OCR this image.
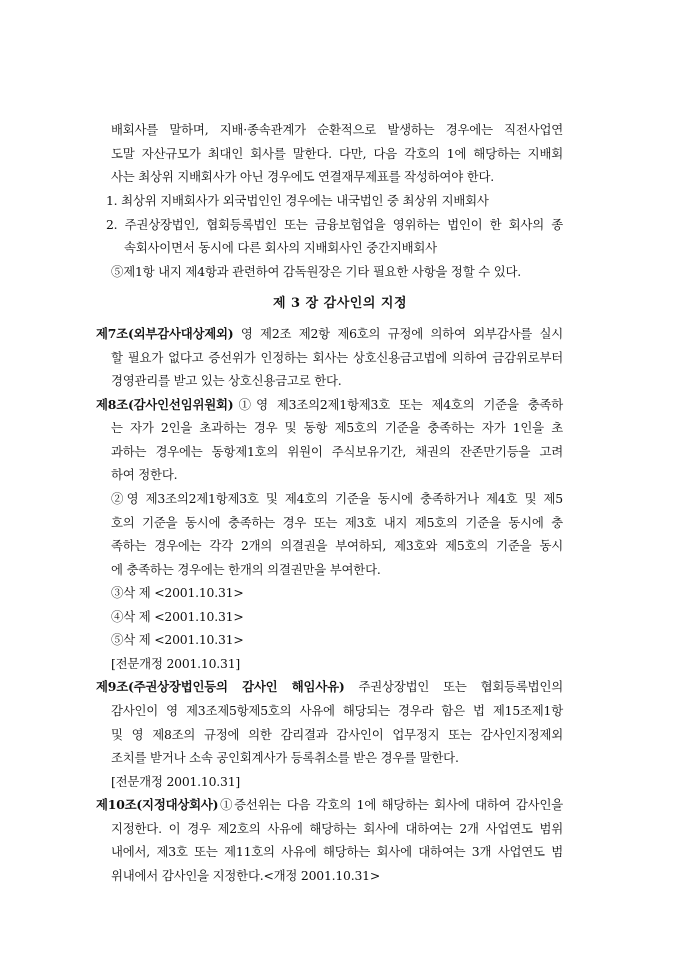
배회사를 말하며, 지배·종속관계가 순환적으로 발생하는 경우에는 직전사업연
도말 자산규모가 최대인 회사를 말한다. 다만, 다음 각호의 1에 해당하는 지배회
사는 최상위 지배회사가 아닌 경우에도 연결재무제표를 작성하여야 한다.
1. 최상위 지배회사가 외국법인인 경우에는 내국법인 중 최상위 지배회사
2. 주권상장법인, 협회등록법인 또는 금융보험업을 영위하는 법인이 한 회사의 종
속회사이면서 동시에 다른 회사의 지배회사인 중간지배회사
⑤제1항 내지 제4항과 관련하여 감독원장은 기타 필요한 사항을 정할 수 있다.
제 3 장 감사인의 지정
제7조(외부감사대상제외) 영 제2조 제2항 제6호의 규정에 의하여 외부감사를 실시
할 필요가 없다고 증선위가 인정하는 회사는 상호신용금고법에 의하여 금감위로부터
경영관리를 받고 있는 상호신용금고로 한다.
제8조(감사인선임위원회)①영 제3조의2제1항제3호 또는 제4호의 기준을 충족하
는 자가 2인을 초과하는 경우 및 동항 제5호의 기준을 충족하는 자가 1인을 초
과하는 경우에는 동항제1호의 위원이 주식보유기간, 채권의 잔존만기등을 고려
하여 정한다.
②영 제3조의2제1항제3호 및 제4호의 기준을 동시에 충족하거나 제4호 및 제5
호의 기준을 동시에 충족하는 경우 또는 제3호 내지 제5호의 기준을 동시에 충
족하는 경우에는 각각 2개의 의결권을 부여하되, 제3호와 제5호의 기준을 동시
에 충족하는 경우에는 한개의 의결권만을 부여한다.
③삭 제 <2001.10.31>
④삭 제 <2001.10.31>
⑤삭 제 <2001.10.31>
[전문개정 2001.10.31]
제9조(주권상장법인등의 감사인 해임사유) 주권상장법인 또는 협회등록법인의
감사인이 영 제3조제5항제5호의 사유에 해당되는 경우라 함은 법 제15조제1항
및 영 제8조의 규정에 의한 감리결과 감사인이 업무정지 또는 감사인지정제외
조치를 받거나 소속 공인회계사가 등록취소를 받은 경우를 말한다.
[전문개정 2001.10.31]
제10조(지정대상회사)①증선위는 다음 각호의 1에 해당하는 회사에 대하여 감사인을
지정한다. 이 경우 제2호의 사유에 해당하는 회사에 대하여는 2개 사업연도 범위
내에서, 제3호 또는 제11호의 사유에 해당하는 회사에 대하여는 3개 사업연도 범
위내에서 감사인을 지정한다.<개정 2001.10.31>
